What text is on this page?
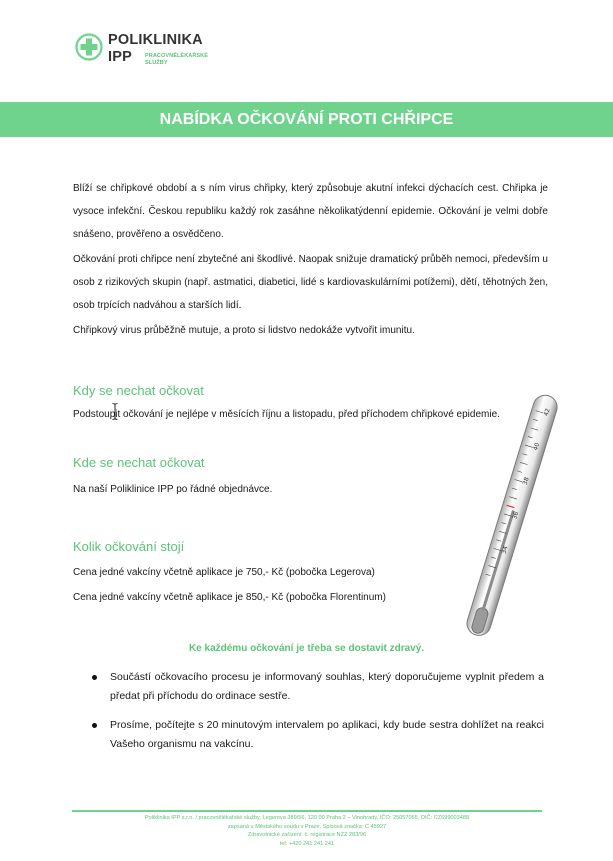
POLIKLINIKA
IPP	PRACOVNĚLÉKAŘSKÉ
SLUŽBY
NABÍDKA OČKOVÁNÍ PROTI CHŘIPCE

Blíží se chřipkové období a s ním virus chřipky, který způsobuje akutní infekci dýchacích cest. Chřipka je vysoce infekční. Českou republiku každý rok zasáhne několikatýdenní epidemie. Očkování je velmi dobře snášeno, prověřeno a osvědčeno.

Očkování proti chřipce není zbytečné ani škodlivé. Naopak snižuje dramatický průběh nemoci, především u osob z rizikových skupin (např. astmatici, diabetici, lidé s kardiovaskulárními potížemi), dětí, těhotných žen, osob trpících nadváhou a starších lidí.

Chřipkový virus průběžně mutuje, a proto si lidstvo nedokáže vytvořit imunitu.

Kdy se nechat očkovat

Podstoupit očkování je nejlépe v měsících říjnu a listopadu, před příchodem chřipkové epidemie.

Kde se nechat očkovat

Na naší Poliklinice IPP po řádné objednávce.

Kolik očkování stojí

Cena jedné vakcíny včetně aplikace je 750,- Kč (pobočka Legerova)

Cena jedné vakcíny včetně aplikace je 850,- Kč (pobočka Florentinum)

42
40
38
36
34
Ke každému očkování je třeba se dostavit zdravý.
Součástí očkovacího procesu je informovaný souhlas, který doporučujeme vyplnit předem a předat při příchodu do ordinace sestře.
Prosíme, počítejte s 20 minutovým intervalem po aplikaci, kdy bude sestra dohlížet na reakci Vašeho organismu na vakcínu.
Poliklinika IPP s.r.o. / pracovnělékařské služby, Legerova 389/56, 120 00 Praha 2 – Vinohrady, IČO: 25057065, DIČ: CZ699003488
zapsaná u Městského soudu v Praze, Spisová značka: C 45927
Zdravotnické zařízení: č. registrace NZZ 283/96
tel: +420 241 241 241
